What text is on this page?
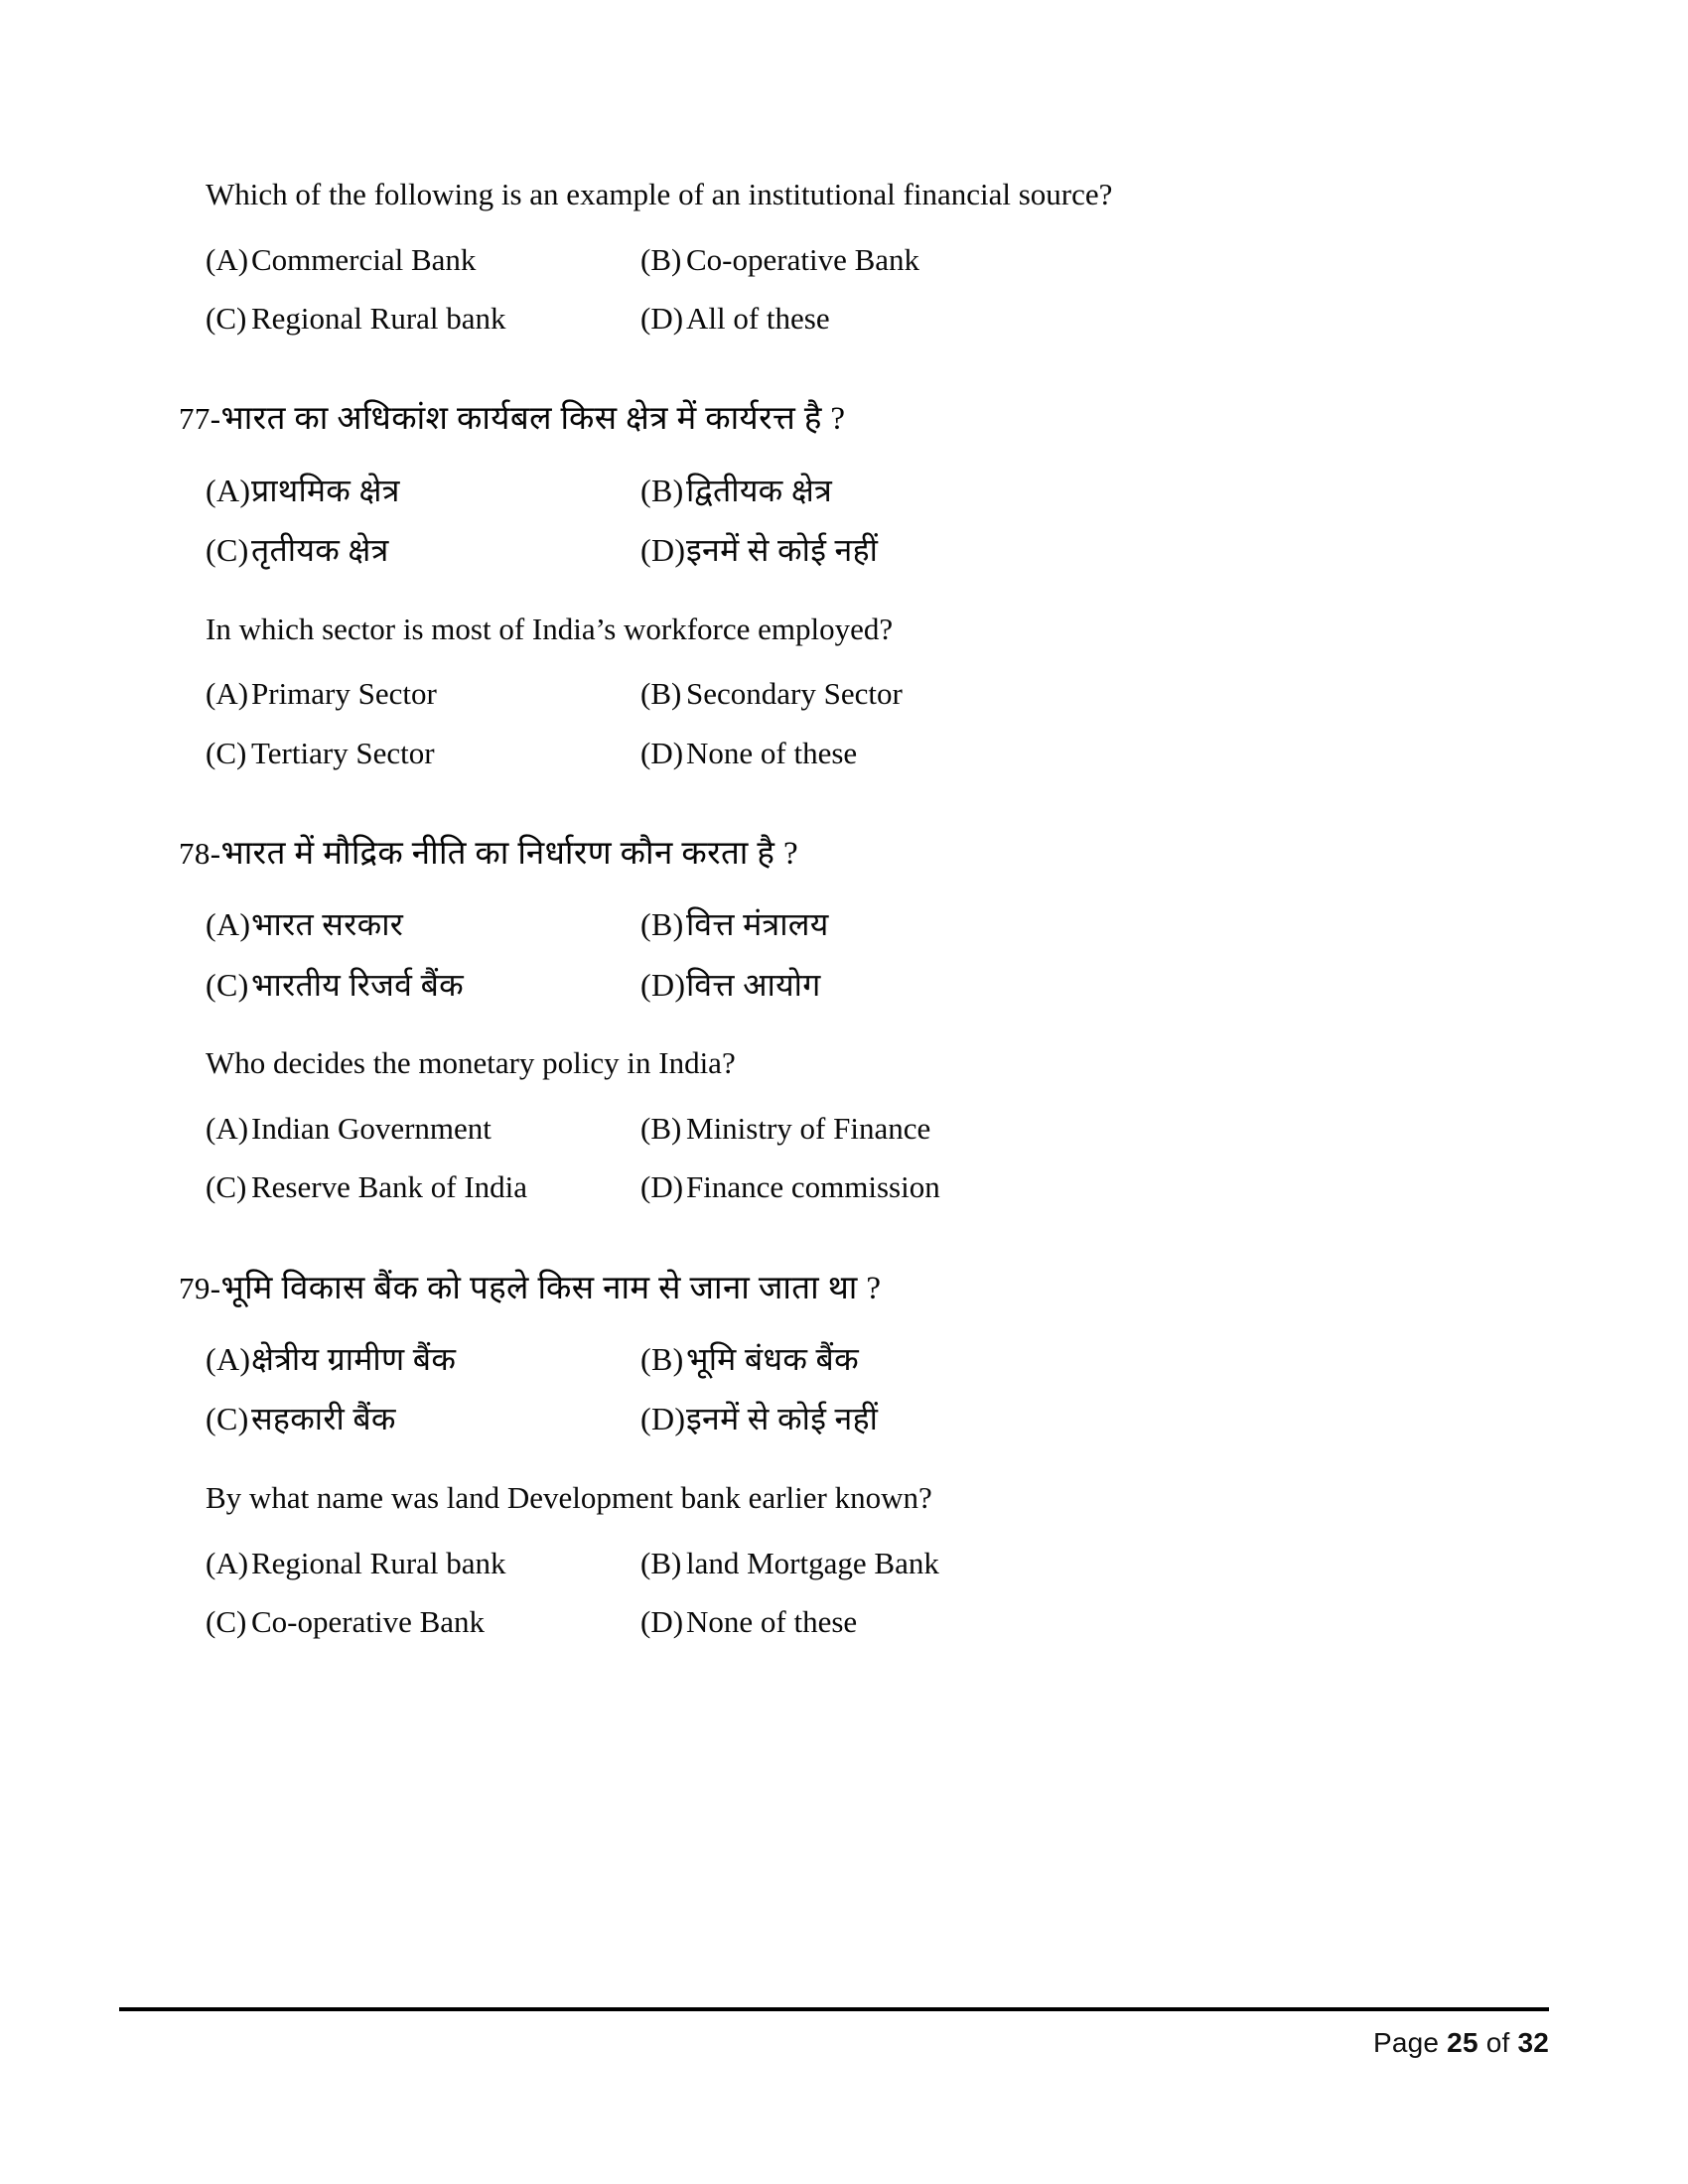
Which of the following is an example of an institutional financial source?
(A)Commercial Bank	(B) Co-operative Bank
(C) Regional Rural bank	(D)All of these
77-भारत का अधिकांश कार्यबल किस क्षेत्र में कार्यरत्त है ?
(A)प्राथमिक क्षेत्र	(B)द्वितीयक क्षेत्र
(C)तृतीयक क्षेत्र	(D)इनमें से कोई नहीं
In which sector is most of India’s workforce employed?
(A)Primary Sector	(B) Secondary Sector
(C) Tertiary Sector	(D)None of these
78-भारत में मौद्रिक नीति का निर्धारण कौन करता है ?
(A)भारत सरकार	(B)वित्त मंत्रालय
(C)भारतीय रिजर्व बैंक	(D)वित्त आयोग
Who decides the monetary policy in India?
(A)Indian Government	(B) Ministry of Finance
(C) Reserve Bank of India	(D)Finance commission
79-भूमि विकास बैंक को पहले किस नाम से जाना जाता था ?
(A)क्षेत्रीय ग्रामीण बैंक	(B)भूमि बंधक बैंक
(C)सहकारी बैंक	(D)इनमें से कोई नहीं
By what name was land Development bank earlier known?
(A)Regional Rural bank	(B) land Mortgage Bank
(C) Co-operative Bank	(D)None of these
Page 25 of 32
